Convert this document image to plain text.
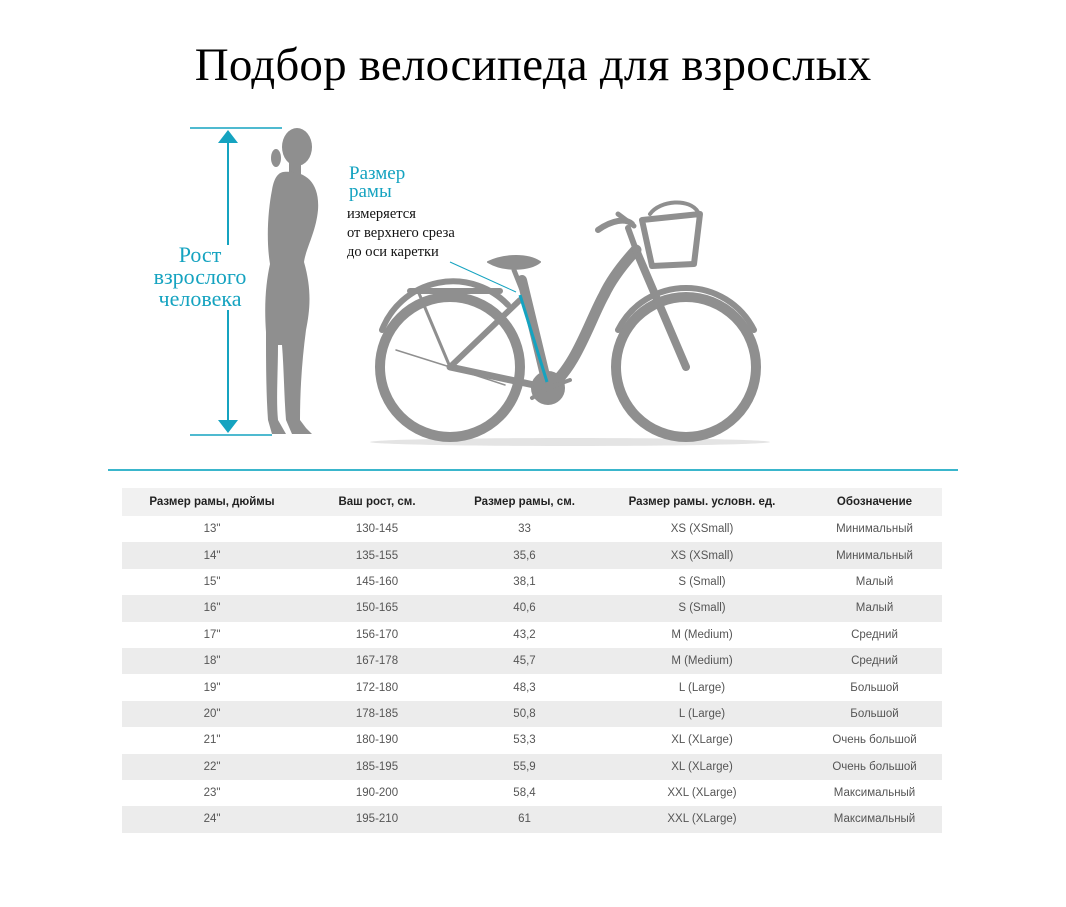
Подбор велосипеда для взрослых
Рост
взрослого
человека
Размер
рамы
измеряется
от верхнего среза
до оси каретки
Размер рамы, дюймы	Ваш рост, см.	Размер рамы, см.	Размер рамы. условн. ед.	Обозначение
13"	130-145	33	XS (XSmall)	Минимальный
14"	135-155	35,6	XS (XSmall)	Минимальный
15"	145-160	38,1	S (Small)	Малый
16"	150-165	40,6	S (Small)	Малый
17"	156-170	43,2	M (Medium)	Средний
18"	167-178	45,7	M (Medium)	Средний
19"	172-180	48,3	L (Large)	Большой
20"	178-185	50,8	L (Large)	Большой
21"	180-190	53,3	XL (XLarge)	Очень большой
22"	185-195	55,9	XL (XLarge)	Очень большой
23"	190-200	58,4	XXL (XLarge)	Максимальный
24"	195-210	61	XXL (XLarge)	Максимальный
